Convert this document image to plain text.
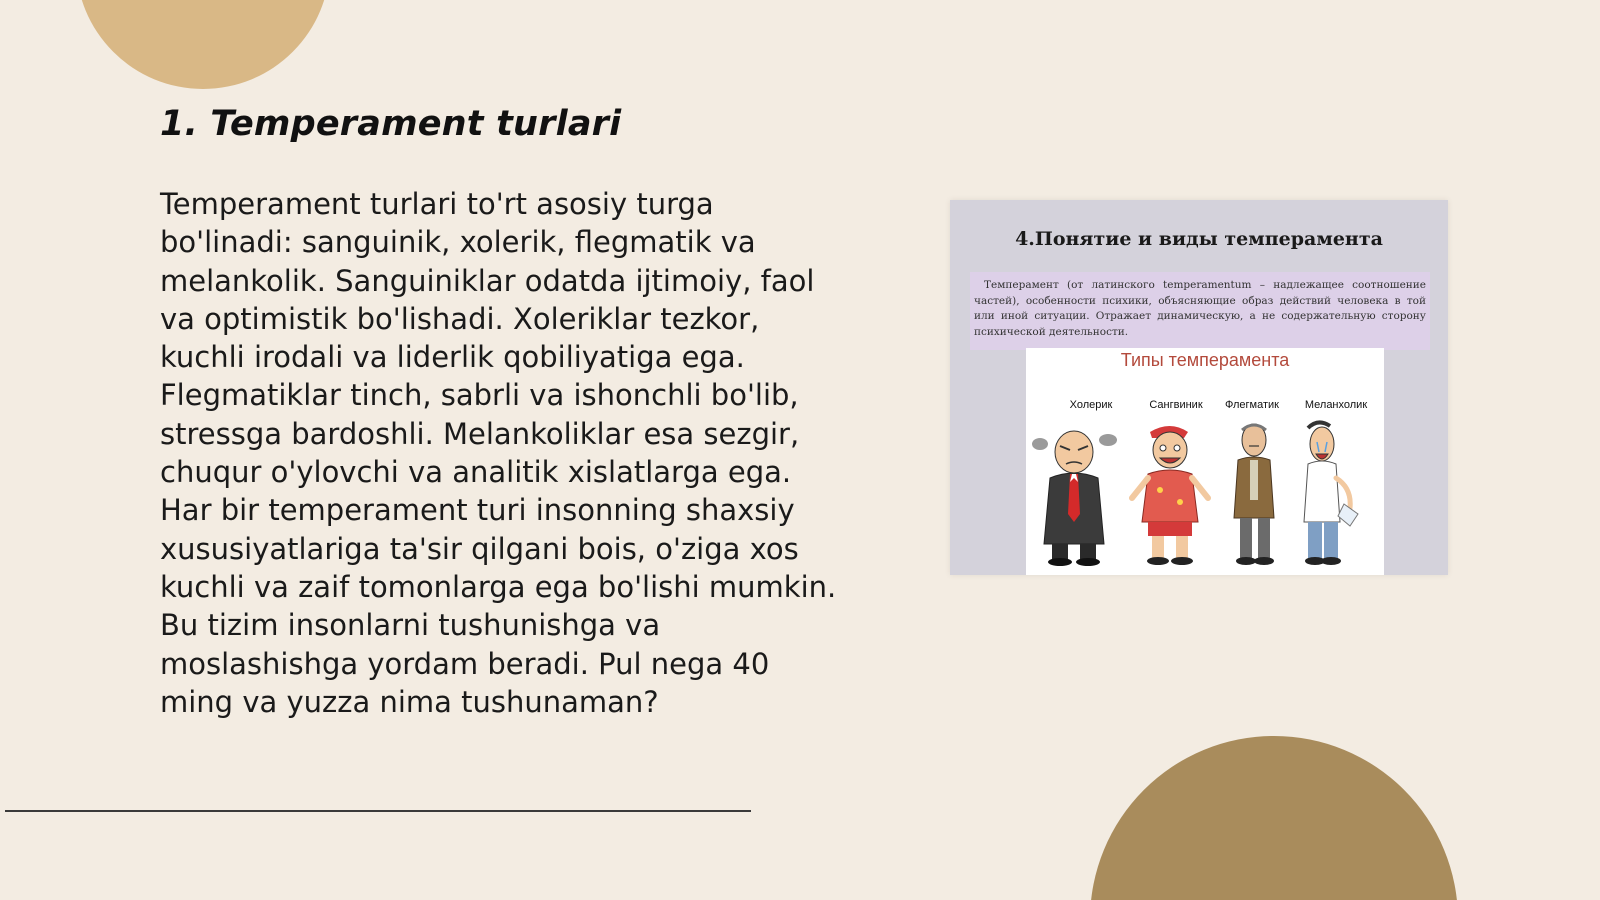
1. Temperament turlari

Temperament turlari to'rt asosiy turga bo'linadi: sanguinik, xolerik, flegmatik va melankolik. Sanguiniklar odatda ijtimoiy, faol va optimistik bo'lishadi. Xoleriklar tezkor, kuchli irodali va liderlik qobiliyatiga ega. Flegmatiklar tinch, sabrli va ishonchli bo'lib, stressga bardoshli. Melankoliklar esa sezgir, chuqur o'ylovchi va analitik xislatlarga ega. Har bir temperament turi insonning shaxsiy xususiyatlariga ta'sir qilgani bois, o'ziga xos kuchli va zaif tomonlarga ega bo'lishi mumkin. Bu tizim insonlarni tushunishga va moslashishga yordam beradi. Pul nega 40 ming va yuzza nima tushunaman?

4.Понятие и виды темперамента
Темперамент (от латинского temperamentum – надлежащее соотношение частей), особенности психики, объясняющие образ действий человека в той или иной ситуации. Отражает динамическую, а не содержательную сторону психической деятельности.
Типы темперамента
Холерик	Сангвиник	Флегматик	Меланхолик
